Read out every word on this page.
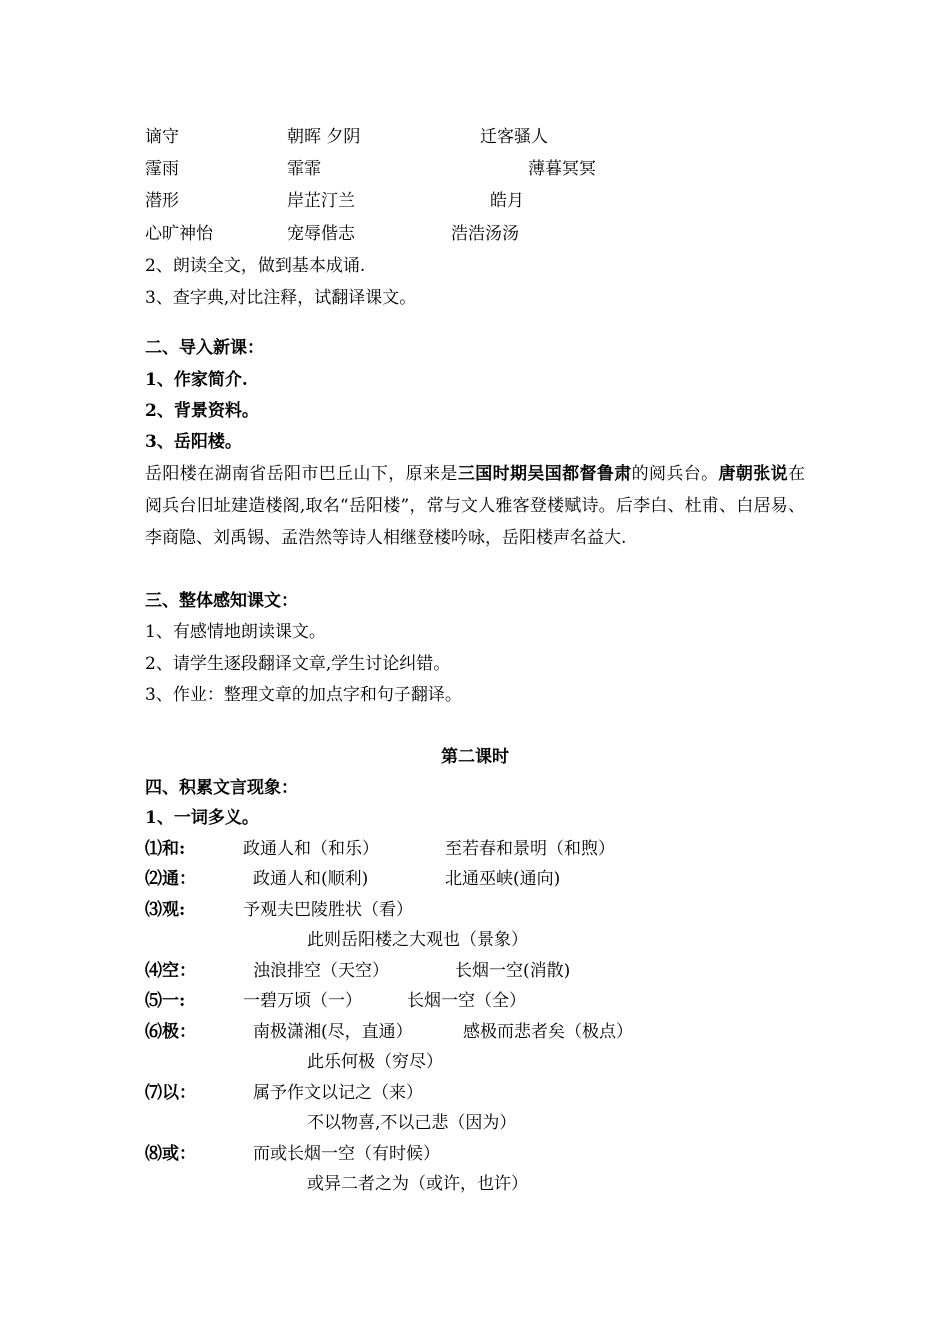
谪守	朝晖 夕阴	迁客骚人
霪雨	霏霏	薄暮冥冥
潜形	岸芷汀兰	皓月
心旷神怡	宠辱偕志	浩浩汤汤
2、朗读全文，做到基本成诵.
3、查字典,对比注释，试翻译课文。
二、导入新课：
1、作家简介.
2、背景资料。
3、岳阳楼。
岳阳楼在湖南省岳阳市巴丘山下，原来是三国时期吴国都督鲁肃的阅兵台。唐朝张说在阅兵台旧址建造楼阁,取名“岳阳楼”，常与文人雅客登楼赋诗。后李白、杜甫、白居易、李商隐、刘禹锡、孟浩然等诗人相继登楼吟咏，岳阳楼声名益大.
三、整体感知课文：
1、有感情地朗读课文。
2、请学生逐段翻译文章,学生讨论纠错。
3、作业：整理文章的加点字和句子翻译。
第二课时
四、积累文言现象：
1、一词多义。
⑴和:	政通人和（和乐）	至若春和景明（和煦）
⑵通：	政通人和(顺利)	北通巫峡(通向)
⑶观:	予观夫巴陵胜状（看）
此则岳阳楼之大观也（景象）
⑷空：	浊浪排空（天空）	长烟一空(消散)
⑸一:	一碧万顷（一）	长烟一空（全）
⑹极：	南极潇湘(尽，直通）	感极而悲者矣（极点）
此乐何极（穷尽）
⑺以：	属予作文以记之（来）
不以物喜,不以己悲（因为）
⑻或：	而或长烟一空（有时候）
或异二者之为（或许，也许）
